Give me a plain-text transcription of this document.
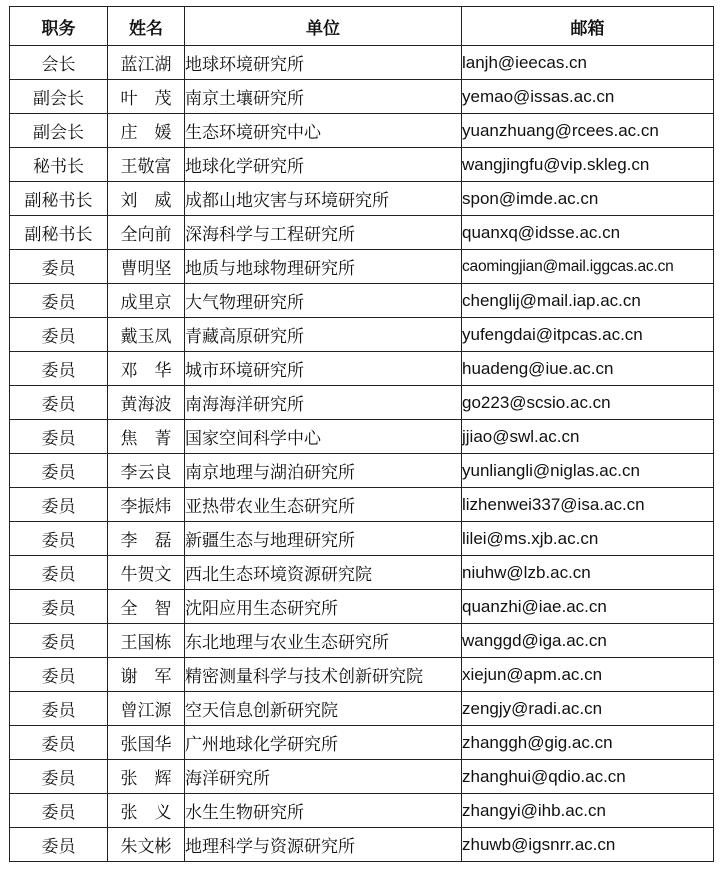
职务	姓名	单位	邮箱
会长	蓝江湖	地球环境研究所	lanjh@ieecas.cn
副会长	叶　茂	南京土壤研究所	yemao@issas.ac.cn
副会长	庄　媛	生态环境研究中心	yuanzhuang@rcees.ac.cn
秘书长	王敬富	地球化学研究所	wangjingfu@vip.skleg.cn
副秘书长	刘　威	成都山地灾害与环境研究所	spon@imde.ac.cn
副秘书长	全向前	深海科学与工程研究所	quanxq@idsse.ac.cn
委员	曹明坚	地质与地球物理研究所	caomingjian@mail.iggcas.ac.cn
委员	成里京	大气物理研究所	chenglij@mail.iap.ac.cn
委员	戴玉凤	青藏高原研究所	yufengdai@itpcas.ac.cn
委员	邓　华	城市环境研究所	huadeng@iue.ac.cn
委员	黄海波	南海海洋研究所	go223@scsio.ac.cn
委员	焦　菁	国家空间科学中心	jjiao@swl.ac.cn
委员	李云良	南京地理与湖泊研究所	yunliangli@niglas.ac.cn
委员	李振炜	亚热带农业生态研究所	lizhenwei337@isa.ac.cn
委员	李　磊	新疆生态与地理研究所	lilei@ms.xjb.ac.cn
委员	牛贺文	西北生态环境资源研究院	niuhw@lzb.ac.cn
委员	全　智	沈阳应用生态研究所	quanzhi@iae.ac.cn
委员	王国栋	东北地理与农业生态研究所	wanggd@iga.ac.cn
委员	谢　军	精密测量科学与技术创新研究院	xiejun@apm.ac.cn
委员	曾江源	空天信息创新研究院	zengjy@radi.ac.cn
委员	张国华	广州地球化学研究所	zhanggh@gig.ac.cn
委员	张　辉	海洋研究所	zhanghui@qdio.ac.cn
委员	张　义	水生生物研究所	zhangyi@ihb.ac.cn
委员	朱文彬	地理科学与资源研究所	zhuwb@igsnrr.ac.cn
